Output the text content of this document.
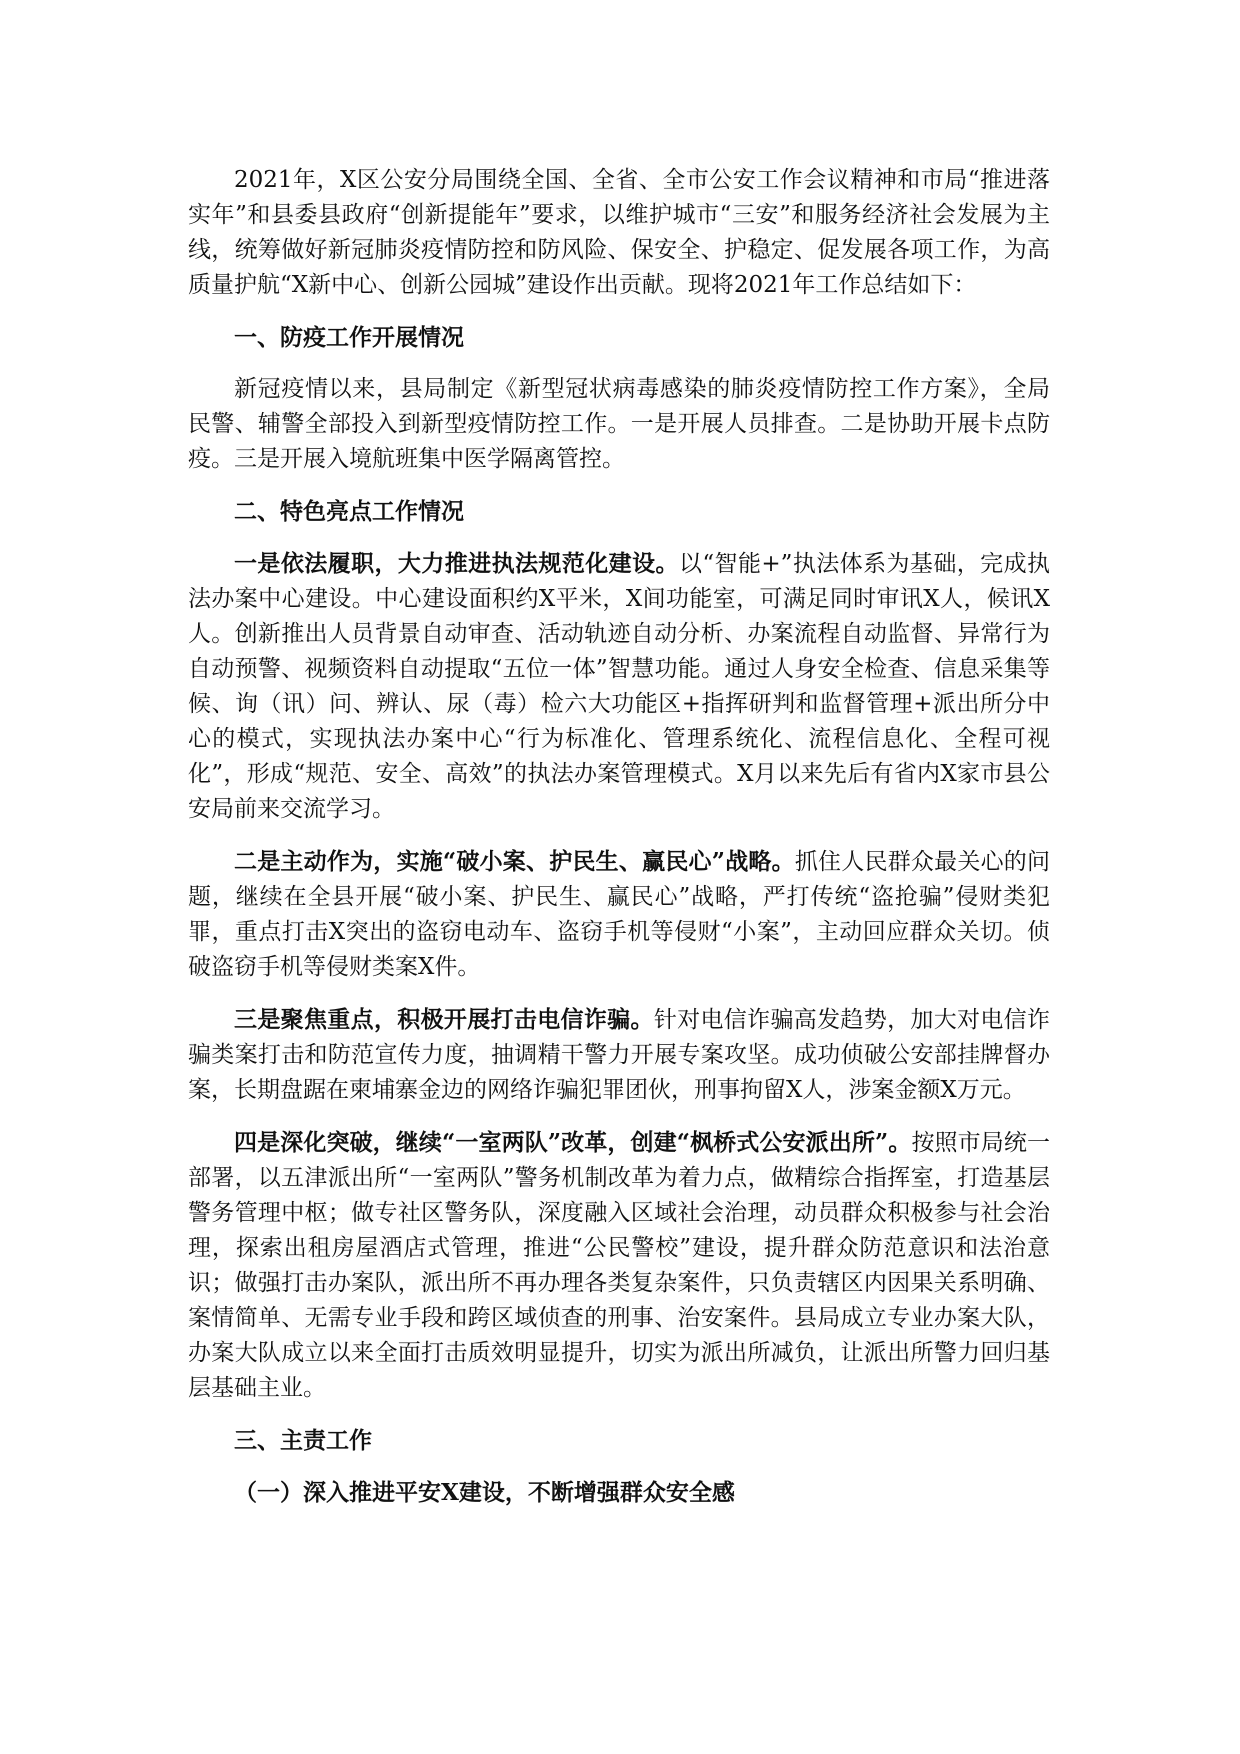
2021年，X区公安分局围绕全国、全省、全市公安工作会议精神和市局“推进落实年”和县委县政府“创新提能年”要求，以维护城市“三安”和服务经济社会发展为主线，统筹做好新冠肺炎疫情防控和防风险、保安全、护稳定、促发展各项工作，为高质量护航“X新中心、创新公园城”建设作出贡献。现将2021年工作总结如下：

一、防疫工作开展情况

新冠疫情以来，县局制定《新型冠状病毒感染的肺炎疫情防控工作方案》，全局民警、辅警全部投入到新型疫情防控工作。一是开展人员排查。二是协助开展卡点防疫。三是开展入境航班集中医学隔离管控。

二、特色亮点工作情况

一是依法履职，大力推进执法规范化建设。以“智能+”执法体系为基础，完成执法办案中心建设。中心建设面积约X平米，X间功能室，可满足同时审讯X人，候讯X人。创新推出人员背景自动审查、活动轨迹自动分析、办案流程自动监督、异常行为自动预警、视频资料自动提取“五位一体”智慧功能。通过人身安全检查、信息采集等候、询（讯）问、辨认、尿（毒）检六大功能区+指挥研判和监督管理+派出所分中心的模式，实现执法办案中心“行为标准化、管理系统化、流程信息化、全程可视化”，形成“规范、安全、高效”的执法办案管理模式。X月以来先后有省内X家市县公安局前来交流学习。

二是主动作为，实施“破小案、护民生、赢民心”战略。抓住人民群众最关心的问题，继续在全县开展“破小案、护民生、赢民心”战略，严打传统“盗抢骗”侵财类犯罪，重点打击X突出的盗窃电动车、盗窃手机等侵财“小案”，主动回应群众关切。侦破盗窃手机等侵财类案X件。

三是聚焦重点，积极开展打击电信诈骗。针对电信诈骗高发趋势，加大对电信诈骗类案打击和防范宣传力度，抽调精干警力开展专案攻坚。成功侦破公安部挂牌督办案，长期盘踞在柬埔寨金边的网络诈骗犯罪团伙，刑事拘留X人，涉案金额X万元。

四是深化突破，继续“一室两队”改革，创建“枫桥式公安派出所”。按照市局统一部署，以五津派出所“一室两队”警务机制改革为着力点，做精综合指挥室，打造基层警务管理中枢；做专社区警务队，深度融入区域社会治理，动员群众积极参与社会治理，探索出租房屋酒店式管理，推进“公民警校”建设，提升群众防范意识和法治意识；做强打击办案队，派出所不再办理各类复杂案件，只负责辖区内因果关系明确、案情简单、无需专业手段和跨区域侦查的刑事、治安案件。县局成立专业办案大队，办案大队成立以来全面打击质效明显提升，切实为派出所减负，让派出所警力回归基层基础主业。

三、主责工作

（一）深入推进平安X建设，不断增强群众安全感
